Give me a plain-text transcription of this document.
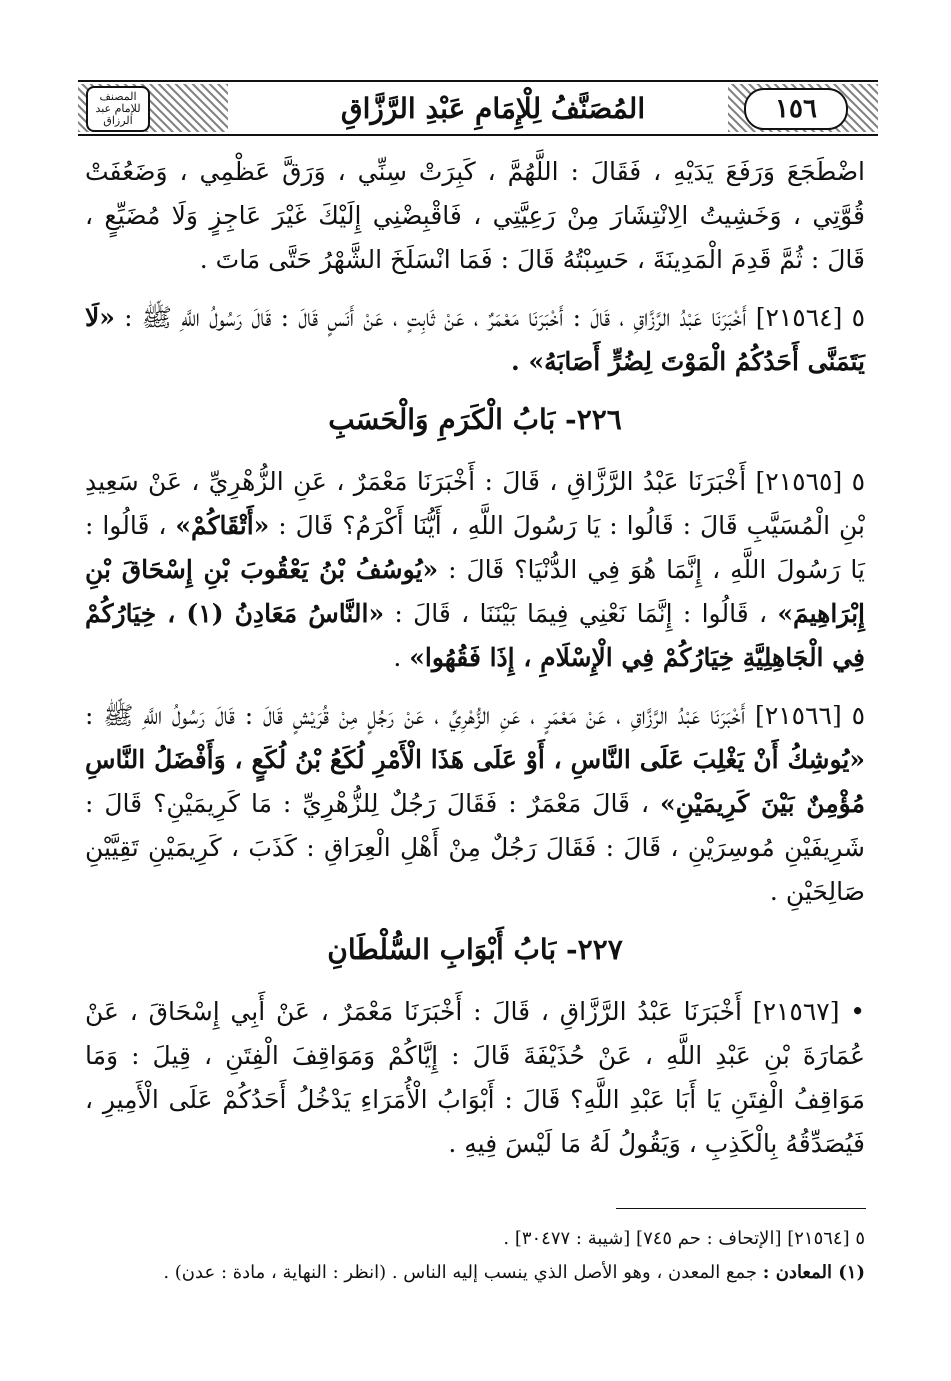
المصنف للإمام عبد الرزاق	المُصَنَّفُ لِلْإِمَامِ عَبْدِ الرَّزَّاقِ	١٥٦

اضْطَجَعَ وَرَفَعَ يَدَيْهِ ، فَقَالَ : اللَّهُمَّ ، كَبِرَتْ سِنِّي ، وَرَقَّ عَظْمِي ، وَضَعُفَتْ قُوَّتِي ، وَخَشِيتُ الِانْتِشَارَ مِنْ رَعِيَّتِي ، فَاقْبِضْنِي إِلَيْكَ غَيْرَ عَاجِزٍ وَلَا مُضَيِّعٍ ، قَالَ : ثُمَّ قَدِمَ الْمَدِينَةَ ، حَسِبْتُهُ قَالَ : فَمَا انْسَلَخَ الشَّهْرُ حَتَّى مَاتَ .

٥ [٢١٥٦٤] أَخْبَرَنَا عَبْدُ الرَّزَّاقِ ، قَالَ : أَخْبَرَنَا مَعْمَرٌ ، عَنْ ثَابِتٍ ، عَنْ أَنَسٍ قَالَ : قَالَ رَسُولُ اللَّهِ ﷺ : «لَا يَتَمَنَّى أَحَدُكُمُ الْمَوْتَ لِضُرٍّ أَصَابَهُ» .

٢٢٦- بَابُ الْكَرَمِ وَالْحَسَبِ

٥ [٢١٥٦٥] أَخْبَرَنَا عَبْدُ الرَّزَّاقِ ، قَالَ : أَخْبَرَنَا مَعْمَرٌ ، عَنِ الزُّهْرِيِّ ، عَنْ سَعِيدِ بْنِ الْمُسَيَّبِ قَالَ : قَالُوا : يَا رَسُولَ اللَّهِ ، أَيُّنَا أَكْرَمُ؟ قَالَ : «أَتْقَاكُمْ» ، قَالُوا : يَا رَسُولَ اللَّهِ ، إِنَّمَا هُوَ فِي الدُّنْيَا؟ قَالَ : «يُوسُفُ بْنُ يَعْقُوبَ بْنِ إِسْحَاقَ بْنِ إِبْرَاهِيمَ» ، قَالُوا : إِنَّمَا نَعْنِي فِيمَا بَيْنَنَا ، قَالَ : «النَّاسُ مَعَادِنُ (١) ، خِيَارُكُمْ فِي الْجَاهِلِيَّةِ خِيَارُكُمْ فِي الْإِسْلَامِ ، إِذَا فَقُهُوا» .

٥ [٢١٥٦٦] أَخْبَرَنَا عَبْدُ الرَّزَّاقِ ، عَنْ مَعْمَرٍ ، عَنِ الزُّهْرِيِّ ، عَنْ رَجُلٍ مِنْ قُرَيْشٍ قَالَ : قَالَ رَسُولُ اللَّهِ ﷺ : «يُوشِكُ أَنْ يَغْلِبَ عَلَى النَّاسِ ، أَوْ عَلَى هَذَا الْأَمْرِ لُكَعُ بْنُ لُكَعٍ ، وَأَفْضَلُ النَّاسِ مُؤْمِنٌ بَيْنَ كَرِيمَيْنِ» ، قَالَ مَعْمَرٌ : فَقَالَ رَجُلٌ لِلزُّهْرِيِّ : مَا كَرِيمَيْنِ؟ قَالَ : شَرِيفَيْنِ مُوسِرَيْنِ ، قَالَ : فَقَالَ رَجُلٌ مِنْ أَهْلِ الْعِرَاقِ : كَذَبَ ، كَرِيمَيْنِ تَقِيَّيْنِ صَالِحَيْنِ .

٢٢٧- بَابُ أَبْوَابِ السُّلْطَانِ

• [٢١٥٦٧] أَخْبَرَنَا عَبْدُ الرَّزَّاقِ ، قَالَ : أَخْبَرَنَا مَعْمَرٌ ، عَنْ أَبِي إِسْحَاقَ ، عَنْ عُمَارَةَ بْنِ عَبْدِ اللَّهِ ، عَنْ حُذَيْفَةَ قَالَ : إِيَّاكُمْ وَمَوَاقِفَ الْفِتَنِ ، قِيلَ : وَمَا مَوَاقِفُ الْفِتَنِ يَا أَبَا عَبْدِ اللَّهِ؟ قَالَ : أَبْوَابُ الْأُمَرَاءِ يَدْخُلُ أَحَدُكُمْ عَلَى الْأَمِيرِ ، فَيُصَدِّقُهُ بِالْكَذِبِ ، وَيَقُولُ لَهُ مَا لَيْسَ فِيهِ .

٥ [٢١٥٦٤] [الإتحاف : حم ٧٤٥] [شيبة : ٣٠٤٧٧] .

(١) المعادن : جمع المعدن ، وهو الأصل الذي ينسب إليه الناس . (انظر : النهاية ، مادة : عدن) .
